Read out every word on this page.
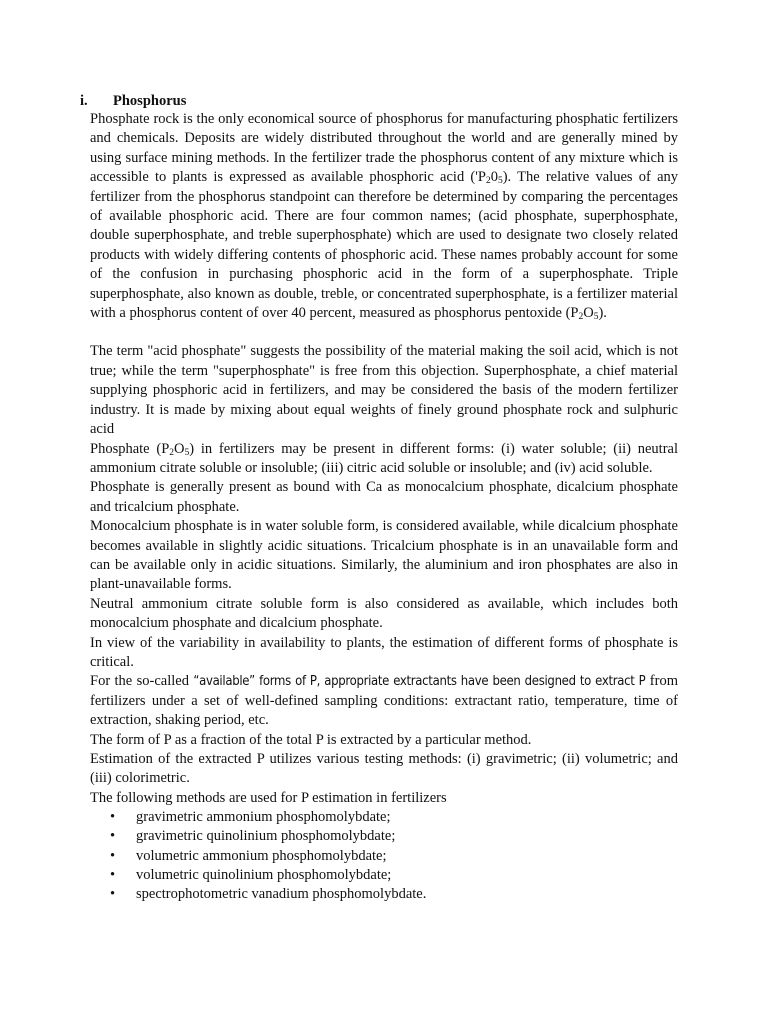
i. Phosphorus

Phosphate rock is the only economical source of phosphorus for manufacturing phosphatic fertilizers and chemicals. Deposits are widely distributed throughout the world and are generally mined by using surface mining methods. In the fertilizer trade the phosphorus content of any mixture which is accessible to plants is expressed as available phosphoric acid $('P_20_5)$. The relative values of any fertilizer from the phosphorus standpoint can therefore be determined by comparing the percentages of available phosphoric acid. There are four common names; (acid phosphate, superphosphate, double superphosphate, and treble superphosphate) which are used to designate two closely related products with widely differing contents of phosphoric acid. These names probably account for some of the confusion in purchasing phosphoric acid in the form of a superphosphate. Triple superphosphate, also known as double, treble, or concentrated superphosphate, is a fertilizer material with a phosphorus content of over 40 percent, measured as phosphorus pentoxide $(P_2O_5)$.

The term "acid phosphate" suggests the possibility of the material making the soil acid, which is not true; while the term "superphosphate" is free from this objection. Superphosphate, a chief material supplying phosphoric acid in fertilizers, and may be considered the basis of the modern fertilizer industry. It is made by mixing about equal weights of finely ground phosphate rock and sulphuric acid

Phosphate $(P_2O_5)$ in fertilizers may be present in different forms: (i) water soluble; (ii) neutral ammonium citrate soluble or insoluble; (iii) citric acid soluble or insoluble; and (iv) acid soluble.

Phosphate is generally present as bound with Ca as monocalcium phosphate, dicalcium phosphate and tricalcium phosphate.

Monocalcium phosphate is in water soluble form, is considered available, while dicalcium phosphate becomes available in slightly acidic situations. Tricalcium phosphate is in an unavailable form and can be available only in acidic situations. Similarly, the aluminium and iron phosphates are also in plant-unavailable forms.

Neutral ammonium citrate soluble form is also considered as available, which includes both monocalcium phosphate and dicalcium phosphate.

In view of the variability in availability to plants, the estimation of different forms of phosphate is critical.

For the so-called “available” forms of P, appropriate extractants have been designed to extract P from fertilizers under a set of well-defined sampling conditions: extractant ratio, temperature, time of extraction, shaking period, etc.

The form of P as a fraction of the total P is extracted by a particular method.

Estimation of the extracted P utilizes various testing methods: (i) gravimetric; (ii) volumetric; and (iii) colorimetric.

The following methods are used for P estimation in fertilizers

• gravimetric ammonium phosphomolybdate;
• gravimetric quinolinium phosphomolybdate;
• volumetric ammonium phosphomolybdate;
• volumetric quinolinium phosphomolybdate;
• spectrophotometric vanadium phosphomolybdate.
